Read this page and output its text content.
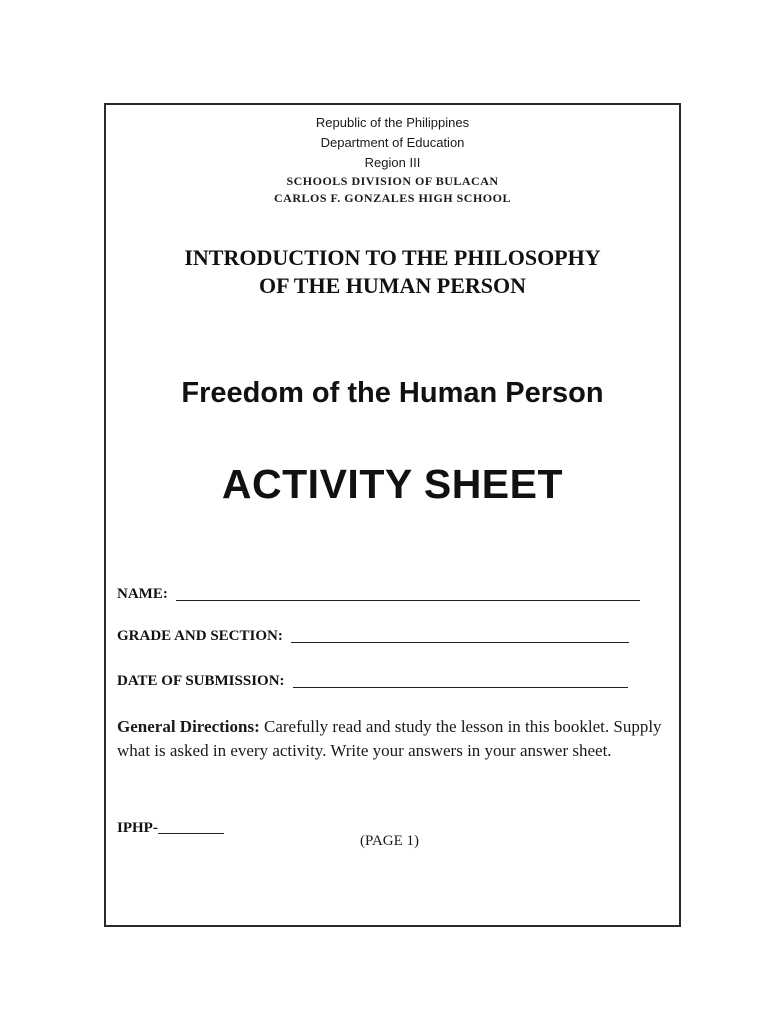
Republic of the Philippines
Department of Education
Region III
SCHOOLS DIVISION OF BULACAN
CARLOS F. GONZALES HIGH SCHOOL
INTRODUCTION TO THE PHILOSOPHY
OF THE HUMAN PERSON
Freedom of the Human Person
ACTIVITY SHEET
NAME:
GRADE AND SECTION:
DATE OF SUBMISSION:
General Directions: Carefully read and study the lesson in this booklet. Supply what is asked in every activity. Write your answers in your answer sheet.
IPHP-
(PAGE 1)
